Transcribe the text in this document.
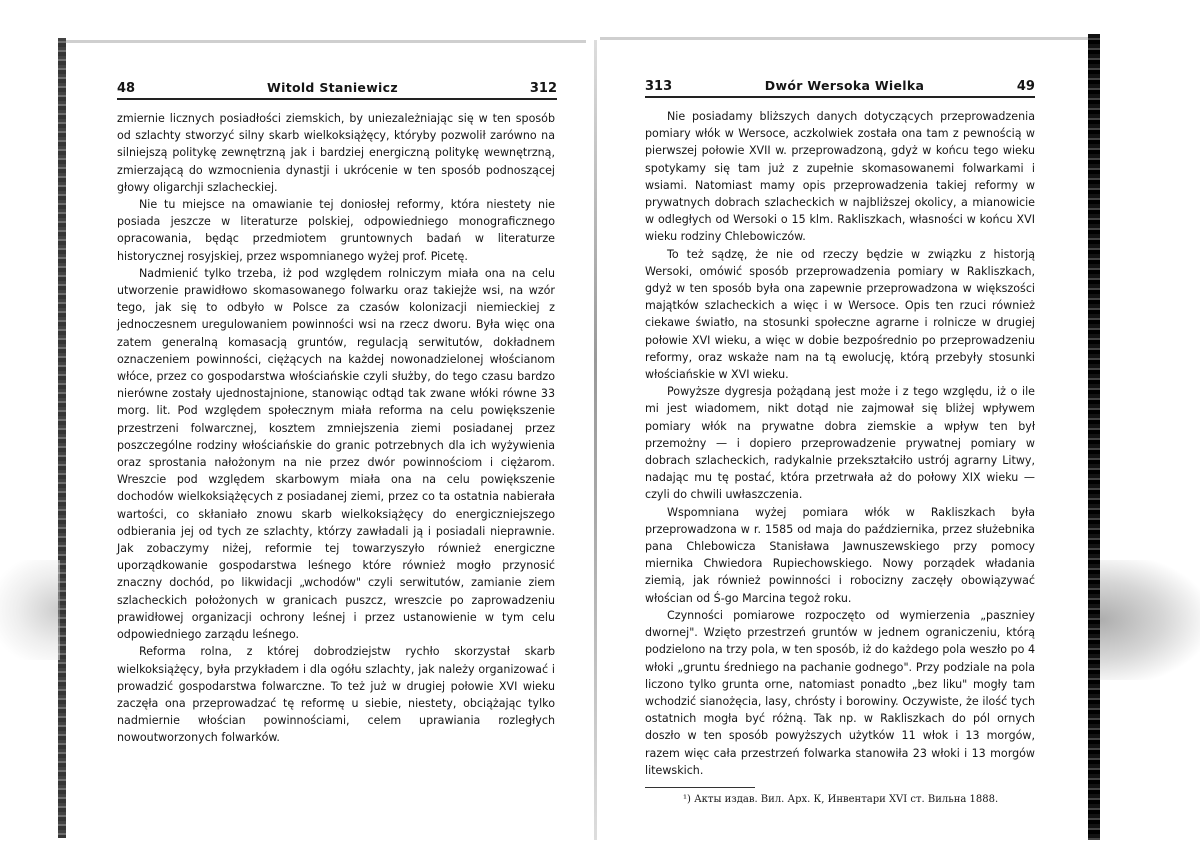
48	Witold Staniewicz	312

zmiernie licznych posiadłości ziemskich, by uniezależniając się w ten sposób od szlachty stworzyć silny skarb wielkoksiążęcy, któryby pozwolił zarówno na silniejszą politykę zewnętrzną jak i bardziej energiczną politykę wewnętrzną, zmierzającą do wzmocnienia dynastji i ukrócenie w ten sposób podnoszącej głowy oligarchji szlacheckiej.

Nie tu miejsce na omawianie tej doniosłej reformy, która niestety nie posiada jeszcze w literaturze polskiej, odpowiedniego monograficznego opracowania, będąc przedmiotem gruntownych badań w literaturze historycznej rosyjskiej, przez wspomnianego wyżej prof. Picetę.

Nadmienić tylko trzeba, iż pod względem rolniczym miała ona na celu utworzenie prawidłowo skomasowanego folwarku oraz takiejże wsi, na wzór tego, jak się to odbyło w Polsce za czasów kolonizacji niemieckiej z jednoczesnem uregulowaniem powinności wsi na rzecz dworu. Była więc ona zatem generalną komasacją gruntów, regulacją serwitutów, dokładnem oznaczeniem powinności, ciężących na każdej nowonadzielonej włościanom włóce, przez co gospodarstwa włościańskie czyli służby, do tego czasu bardzo nierówne zostały ujednostajnione, stanowiąc odtąd tak zwane włóki równe 33 morg. lit. Pod względem społecznym miała reforma na celu powiększenie przestrzeni folwarcznej, kosztem zmniejszenia ziemi posiadanej przez poszczególne rodziny włościańskie do granic potrzebnych dla ich wyżywienia oraz sprostania nałożonym na nie przez dwór powinnościom i ciężarom. Wreszcie pod względem skarbowym miała ona na celu powiększenie dochodów wielkoksiążęcych z posiadanej ziemi, przez co ta ostatnia nabierała wartości, co skłaniało znowu skarb wielkoksiążęcy do energiczniejszego odbierania jej od tych ze szlachty, którzy zawładali ją i posiadali nieprawnie. Jak zobaczymy niżej, reformie tej towarzyszyło również energiczne uporządkowanie gospodarstwa leśnego które również mogło przynosić znaczny dochód, po likwidacji „wchodów" czyli serwitutów, zamianie ziem szlacheckich położonych w granicach puszcz, wreszcie po zaprowadzeniu prawidłowej organizacji ochrony leśnej i przez ustanowienie w tym celu odpowiedniego zarządu leśnego.

Reforma rolna, z której dobrodziejstw rychło skorzystał skarb wielkoksiążęcy, była przykładem i dla ogółu szlachty, jak należy organizować i prowadzić gospodarstwa folwarczne. To też już w drugiej połowie XVI wieku zaczęła ona przeprowadzać tę reformę u siebie, niestety, obciążając tylko nadmiernie włościan powinnościami, celem uprawiania rozległych nowoutworzonych folwarków.

313	Dwór Wersoka Wielka	49

Nie posiadamy bliższych danych dotyczących przeprowadzenia pomiary włók w Wersoce, aczkolwiek została ona tam z pewnością w pierwszej połowie XVII w. przeprowadzoną, gdyż w końcu tego wieku spotykamy się tam już z zupełnie skomasowanemi folwarkami i wsiami. Natomiast mamy opis przeprowadzenia takiej reformy w prywatnych dobrach szlacheckich w najbliższej okolicy, a mianowicie w odległych od Wersoki o 15 klm. Rakliszkach, własności w końcu XVI wieku rodziny Chlebowiczów.

To też sądzę, że nie od rzeczy będzie w związku z historją Wersoki, omówić sposób przeprowadzenia pomiary w Rakliszkach, gdyż w ten sposób była ona zapewnie przeprowadzona w większości majątków szlacheckich a więc i w Wersoce. Opis ten rzuci również ciekawe światło, na stosunki społeczne agrarne i rolnicze w drugiej połowie XVI wieku, a więc w dobie bezpośrednio po przeprowadzeniu reformy, oraz wskaże nam na tą ewolucję, którą przebyły stosunki włościańskie w XVI wieku.

Powyższe dygresja pożądaną jest może i z tego względu, iż o ile mi jest wiadomem, nikt dotąd nie zajmował się bliżej wpływem pomiary włók na prywatne dobra ziemskie a wpływ ten był przemożny — i dopiero przeprowadzenie prywatnej pomiary w dobrach szlacheckich, radykalnie przekształciło ustrój agrarny Litwy, nadając mu tę postać, która przetrwała aż do połowy XIX wieku — czyli do chwili uwłaszczenia.

Wspomniana wyżej pomiara włók w Rakliszkach była przeprowadzona w r. 1585 od maja do października, przez służebnika pana Chlebowicza Stanisława Jawnuszewskiego przy pomocy miernika Chwiedora Rupiechowskiego. Nowy porządek władania ziemią, jak również powinności i robocizny zaczęły obowiązywać włościan od Ś-go Marcina tegoż roku.

Czynności pomiarowe rozpoczęto od wymierzenia „paszniey dwornej". Wzięto przestrzeń gruntów w jednem ograniczeniu, którą podzielono na trzy pola, w ten sposób, iż do każdego pola weszło po 4 włoki „gruntu średniego na pachanie godnego". Przy podziale na pola liczono tylko grunta orne, natomiast ponadto „bez liku" mogły tam wchodzić sianożęcia, lasy, chrósty i borowiny. Oczywiste, że ilość tych ostatnich mogła być różną. Tak np. w Rakliszkach do pól ornych doszło w ten sposób powyższych użytków 11 włok i 13 morgów, razem więc cała przestrzeń folwarka stanowiła 23 włoki i 13 morgów litewskich.

¹) Акты издав. Вил. Арх. К, Инвентари XVI ст. Вильна 1888.
